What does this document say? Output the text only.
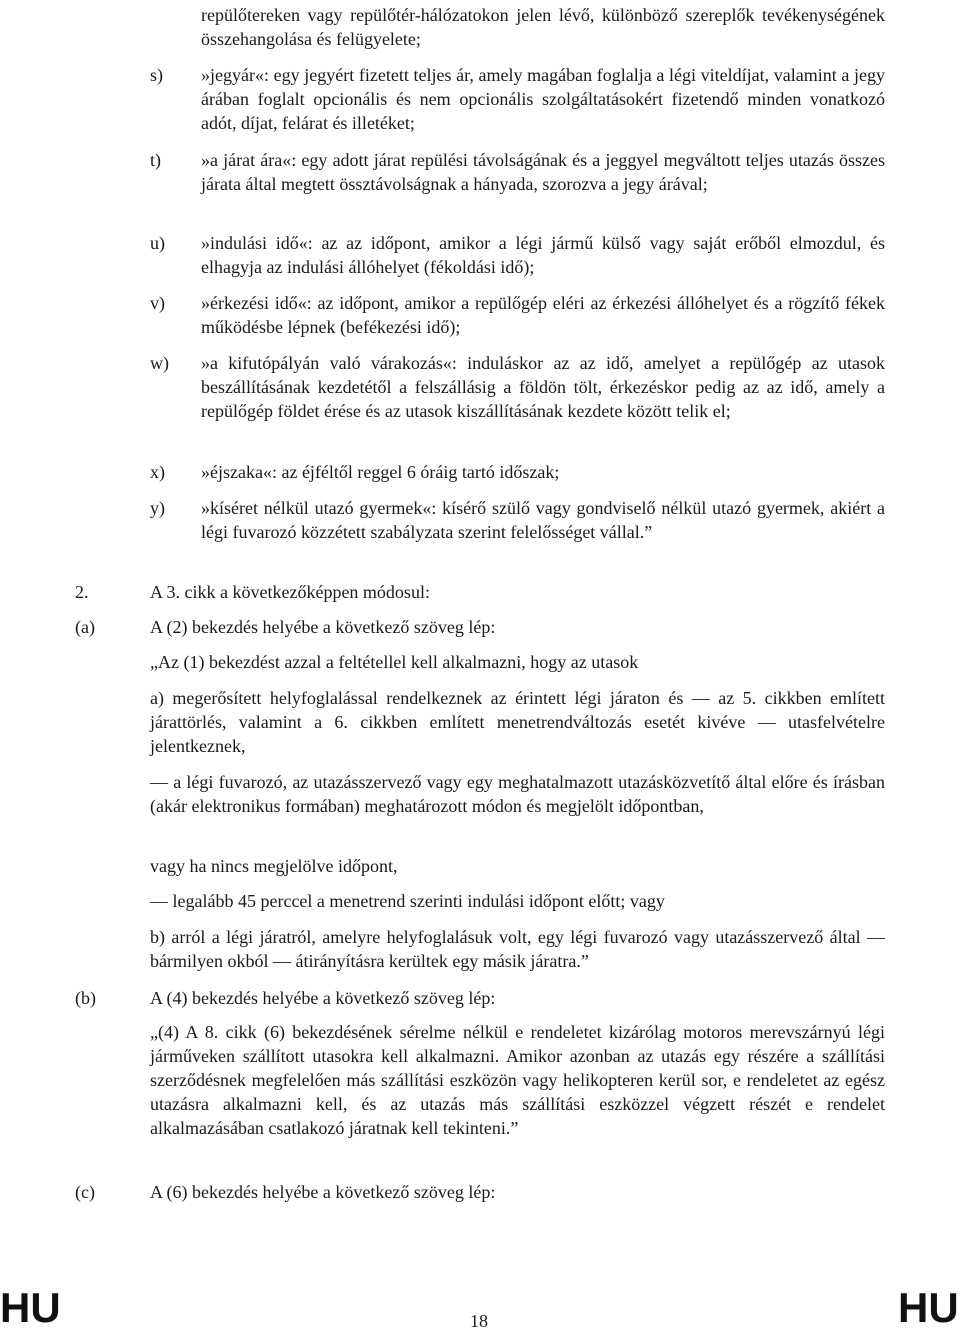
repülőtereken vagy repülőtér-hálózatokon jelen lévő, különböző szereplők tevékenységének összehangolása és felügyelete;
s) »jegyár«: egy jegyért fizetett teljes ár, amely magában foglalja a légi viteldíjat, valamint a jegy árában foglalt opcionális és nem opcionális szolgáltatásokért fizetendő minden vonatkozó adót, díjat, felárat és illetéket;
t) »a járat ára«: egy adott járat repülési távolságának és a jeggyel megváltott teljes utazás összes járata által megtett össztávolságnak a hányada, szorozva a jegy árával;
u) »indulási idő«: az az időpont, amikor a légi jármű külső vagy saját erőből elmozdul, és elhagyja az indulási állóhelyet (fékoldási idő);
v) »érkezési idő«: az időpont, amikor a repülőgép eléri az érkezési állóhelyet és a rögzítő fékek működésbe lépnek (befékezési idő);
w) »a kifutópályán való várakozás«: induláskor az az idő, amelyet a repülőgép az utasok beszállításának kezdetétől a felszállásig a földön tölt, érkezéskor pedig az az idő, amely a repülőgép földet érése és az utasok kiszállításának kezdete között telik el;
x) »éjszaka«: az éjféltől reggel 6 óráig tartó időszak;
y) »kíséret nélkül utazó gyermek«: kísérő szülő vagy gondviselő nélkül utazó gyermek, akiért a légi fuvarozó közzétett szabályzata szerint felelősséget vállal.”
2.	A 3. cikk a következőképpen módosul:
(a)	A (2) bekezdés helyébe a következő szöveg lép:
„Az (1) bekezdést azzal a feltétellel kell alkalmazni, hogy az utasok
a) megerősített helyfoglalással rendelkeznek az érintett légi járaton és — az 5. cikkben említett járattörlés, valamint a 6. cikkben említett menetrendváltozás esetét kivéve — utasfelvételre jelentkeznek,
— a légi fuvarozó, az utazásszervező vagy egy meghatalmazott utazásközvetítő által előre és írásban (akár elektronikus formában) meghatározott módon és megjelölt időpontban,
vagy ha nincs megjelölve időpont,
— legalább 45 perccel a menetrend szerinti indulási időpont előtt; vagy
b) arról a légi járatról, amelyre helyfoglalásuk volt, egy légi fuvarozó vagy utazásszervező által — bármilyen okból — átirányításra kerültek egy másik járatra.”
(b)	A (4) bekezdés helyébe a következő szöveg lép:
„(4) A 8. cikk (6) bekezdésének sérelme nélkül e rendeletet kizárólag motoros merevszárnyú légi járműveken szállított utasokra kell alkalmazni. Amikor azonban az utazás egy részére a szállítási szerződésnek megfelelően más szállítási eszközön vagy helikopteren kerül sor, e rendeletet az egész utazásra alkalmazni kell, és az utazás más szállítási eszközzel végzett részét e rendelet alkalmazásában csatlakozó járatnak kell tekinteni.”
(c)	A (6) bekezdés helyébe a következő szöveg lép:
HU	18	HU
